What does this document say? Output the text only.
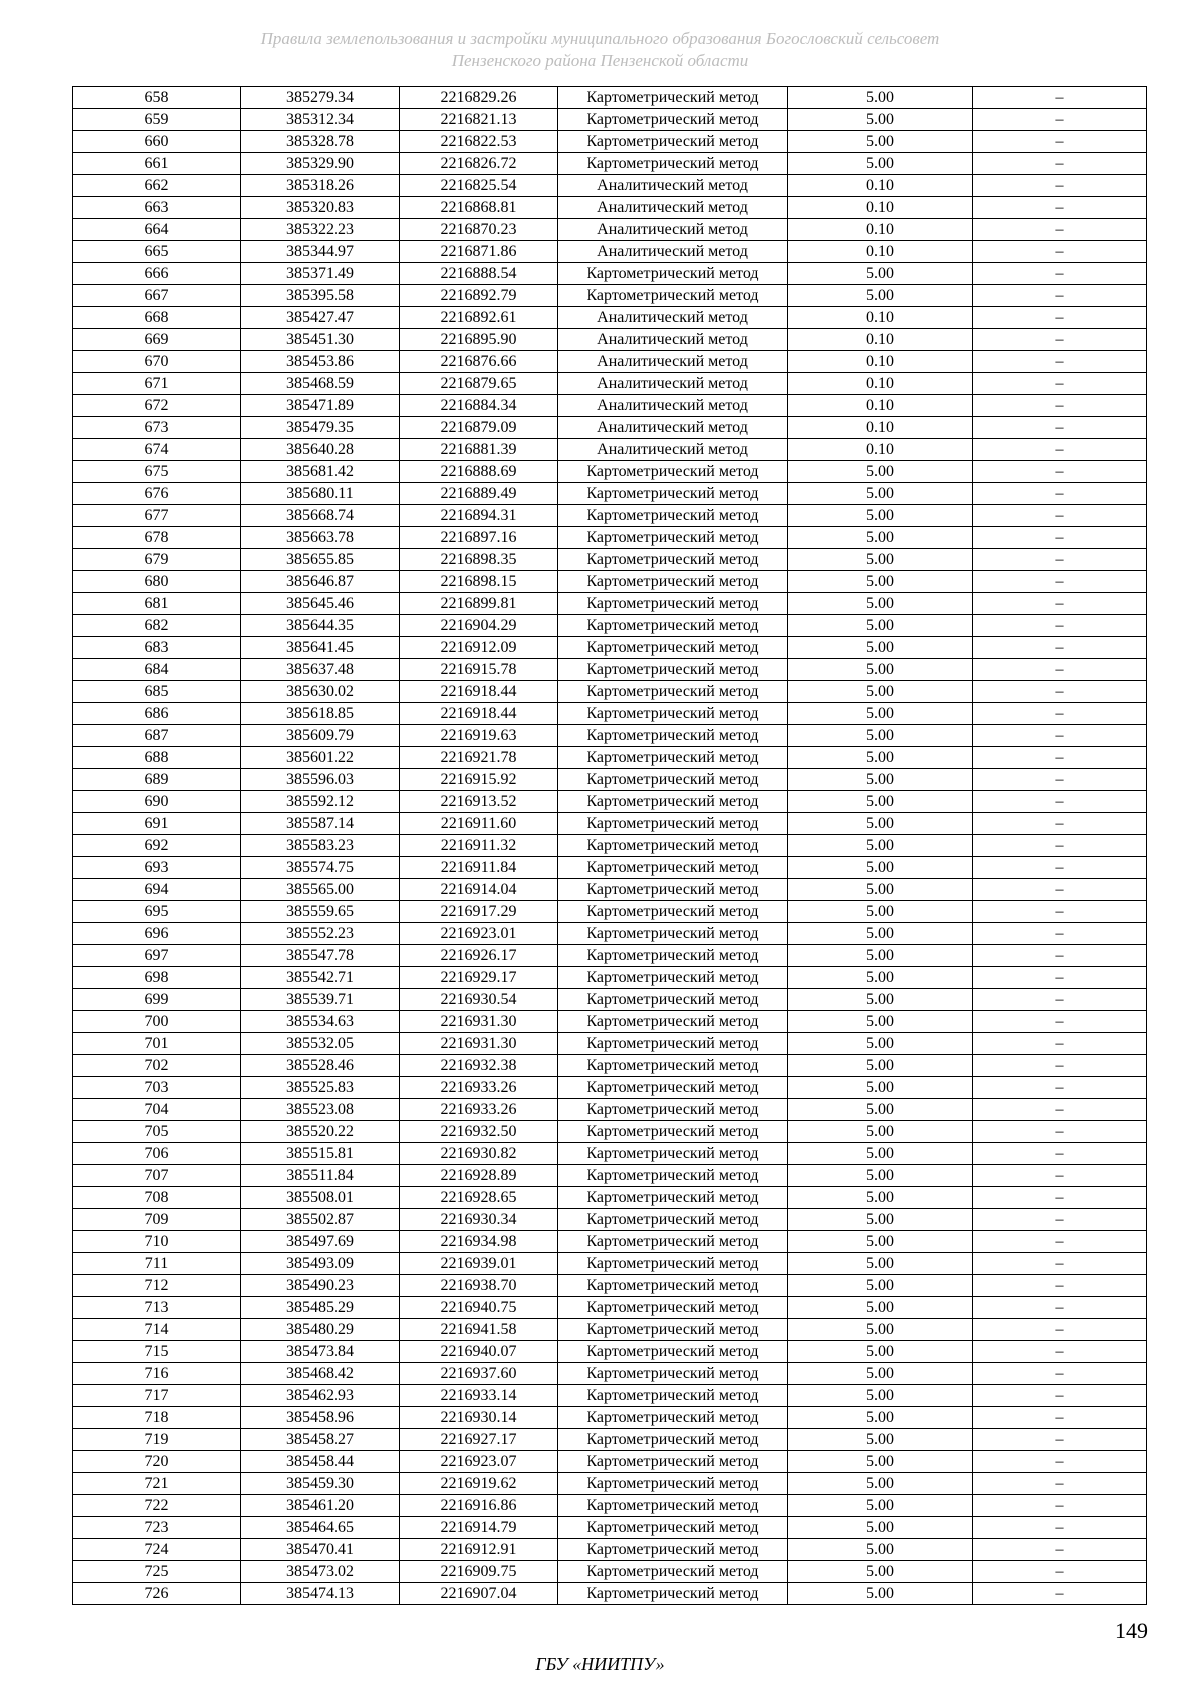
Правила землепользования и застройки муниципального образования Богословский сельсовет
Пензенского района Пензенской области
658	385279.34	2216829.26	Картометрический метод	5.00	–
659	385312.34	2216821.13	Картометрический метод	5.00	–
660	385328.78	2216822.53	Картометрический метод	5.00	–
661	385329.90	2216826.72	Картометрический метод	5.00	–
662	385318.26	2216825.54	Аналитический метод	0.10	–
663	385320.83	2216868.81	Аналитический метод	0.10	–
664	385322.23	2216870.23	Аналитический метод	0.10	–
665	385344.97	2216871.86	Аналитический метод	0.10	–
666	385371.49	2216888.54	Картометрический метод	5.00	–
667	385395.58	2216892.79	Картометрический метод	5.00	–
668	385427.47	2216892.61	Аналитический метод	0.10	–
669	385451.30	2216895.90	Аналитический метод	0.10	–
670	385453.86	2216876.66	Аналитический метод	0.10	–
671	385468.59	2216879.65	Аналитический метод	0.10	–
672	385471.89	2216884.34	Аналитический метод	0.10	–
673	385479.35	2216879.09	Аналитический метод	0.10	–
674	385640.28	2216881.39	Аналитический метод	0.10	–
675	385681.42	2216888.69	Картометрический метод	5.00	–
676	385680.11	2216889.49	Картометрический метод	5.00	–
677	385668.74	2216894.31	Картометрический метод	5.00	–
678	385663.78	2216897.16	Картометрический метод	5.00	–
679	385655.85	2216898.35	Картометрический метод	5.00	–
680	385646.87	2216898.15	Картометрический метод	5.00	–
681	385645.46	2216899.81	Картометрический метод	5.00	–
682	385644.35	2216904.29	Картометрический метод	5.00	–
683	385641.45	2216912.09	Картометрический метод	5.00	–
684	385637.48	2216915.78	Картометрический метод	5.00	–
685	385630.02	2216918.44	Картометрический метод	5.00	–
686	385618.85	2216918.44	Картометрический метод	5.00	–
687	385609.79	2216919.63	Картометрический метод	5.00	–
688	385601.22	2216921.78	Картометрический метод	5.00	–
689	385596.03	2216915.92	Картометрический метод	5.00	–
690	385592.12	2216913.52	Картометрический метод	5.00	–
691	385587.14	2216911.60	Картометрический метод	5.00	–
692	385583.23	2216911.32	Картометрический метод	5.00	–
693	385574.75	2216911.84	Картометрический метод	5.00	–
694	385565.00	2216914.04	Картометрический метод	5.00	–
695	385559.65	2216917.29	Картометрический метод	5.00	–
696	385552.23	2216923.01	Картометрический метод	5.00	–
697	385547.78	2216926.17	Картометрический метод	5.00	–
698	385542.71	2216929.17	Картометрический метод	5.00	–
699	385539.71	2216930.54	Картометрический метод	5.00	–
700	385534.63	2216931.30	Картометрический метод	5.00	–
701	385532.05	2216931.30	Картометрический метод	5.00	–
702	385528.46	2216932.38	Картометрический метод	5.00	–
703	385525.83	2216933.26	Картометрический метод	5.00	–
704	385523.08	2216933.26	Картометрический метод	5.00	–
705	385520.22	2216932.50	Картометрический метод	5.00	–
706	385515.81	2216930.82	Картометрический метод	5.00	–
707	385511.84	2216928.89	Картометрический метод	5.00	–
708	385508.01	2216928.65	Картометрический метод	5.00	–
709	385502.87	2216930.34	Картометрический метод	5.00	–
710	385497.69	2216934.98	Картометрический метод	5.00	–
711	385493.09	2216939.01	Картометрический метод	5.00	–
712	385490.23	2216938.70	Картометрический метод	5.00	–
713	385485.29	2216940.75	Картометрический метод	5.00	–
714	385480.29	2216941.58	Картометрический метод	5.00	–
715	385473.84	2216940.07	Картометрический метод	5.00	–
716	385468.42	2216937.60	Картометрический метод	5.00	–
717	385462.93	2216933.14	Картометрический метод	5.00	–
718	385458.96	2216930.14	Картометрический метод	5.00	–
719	385458.27	2216927.17	Картометрический метод	5.00	–
720	385458.44	2216923.07	Картометрический метод	5.00	–
721	385459.30	2216919.62	Картометрический метод	5.00	–
722	385461.20	2216916.86	Картометрический метод	5.00	–
723	385464.65	2216914.79	Картометрический метод	5.00	–
724	385470.41	2216912.91	Картометрический метод	5.00	–
725	385473.02	2216909.75	Картометрический метод	5.00	–
726	385474.13	2216907.04	Картометрический метод	5.00	–
149
ГБУ «НИИТПУ»
